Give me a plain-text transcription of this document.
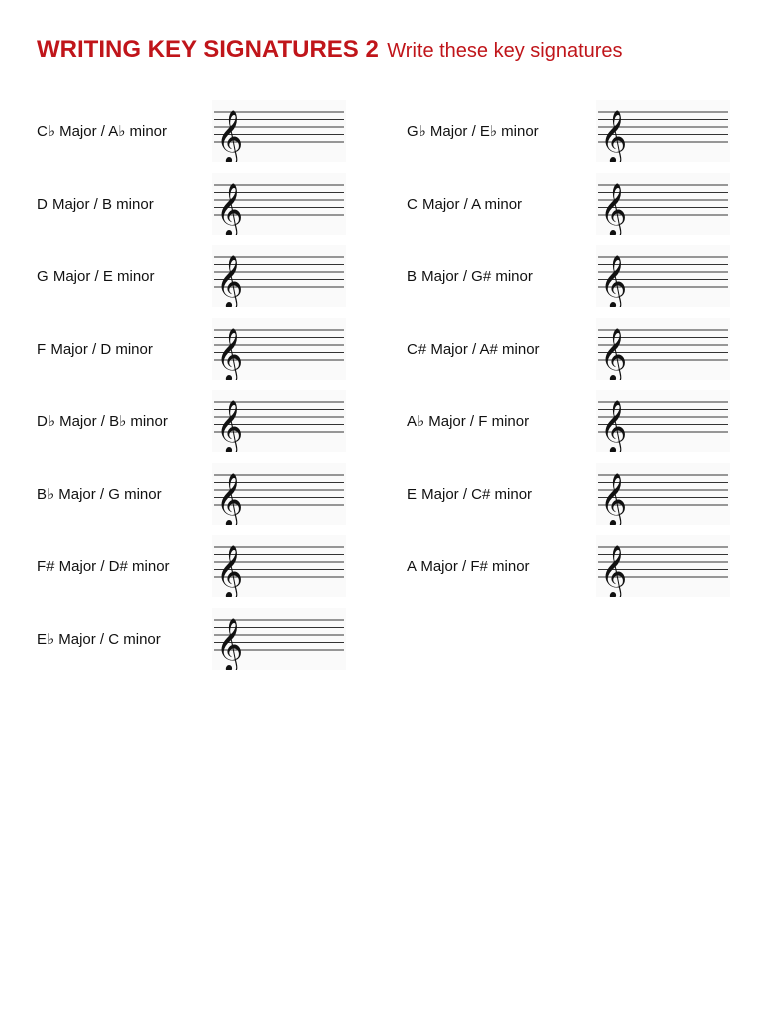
WRITING KEY SIGNATURES 2 Write these key signatures
C♭ Major / A♭ minor 𝄞
D Major / B minor 𝄞
G Major / E minor 𝄞
F Major / D minor 𝄞
D♭ Major / B♭ minor 𝄞
B♭ Major / G minor 𝄞
F# Major / D# minor 𝄞
E♭ Major / C minor 𝄞
G♭ Major / E♭ minor 𝄞
C Major / A minor 𝄞
B Major / G# minor 𝄞
C# Major / A# minor 𝄞
A♭ Major / F minor 𝄞
E Major / C# minor 𝄞
A Major / F# minor 𝄞
